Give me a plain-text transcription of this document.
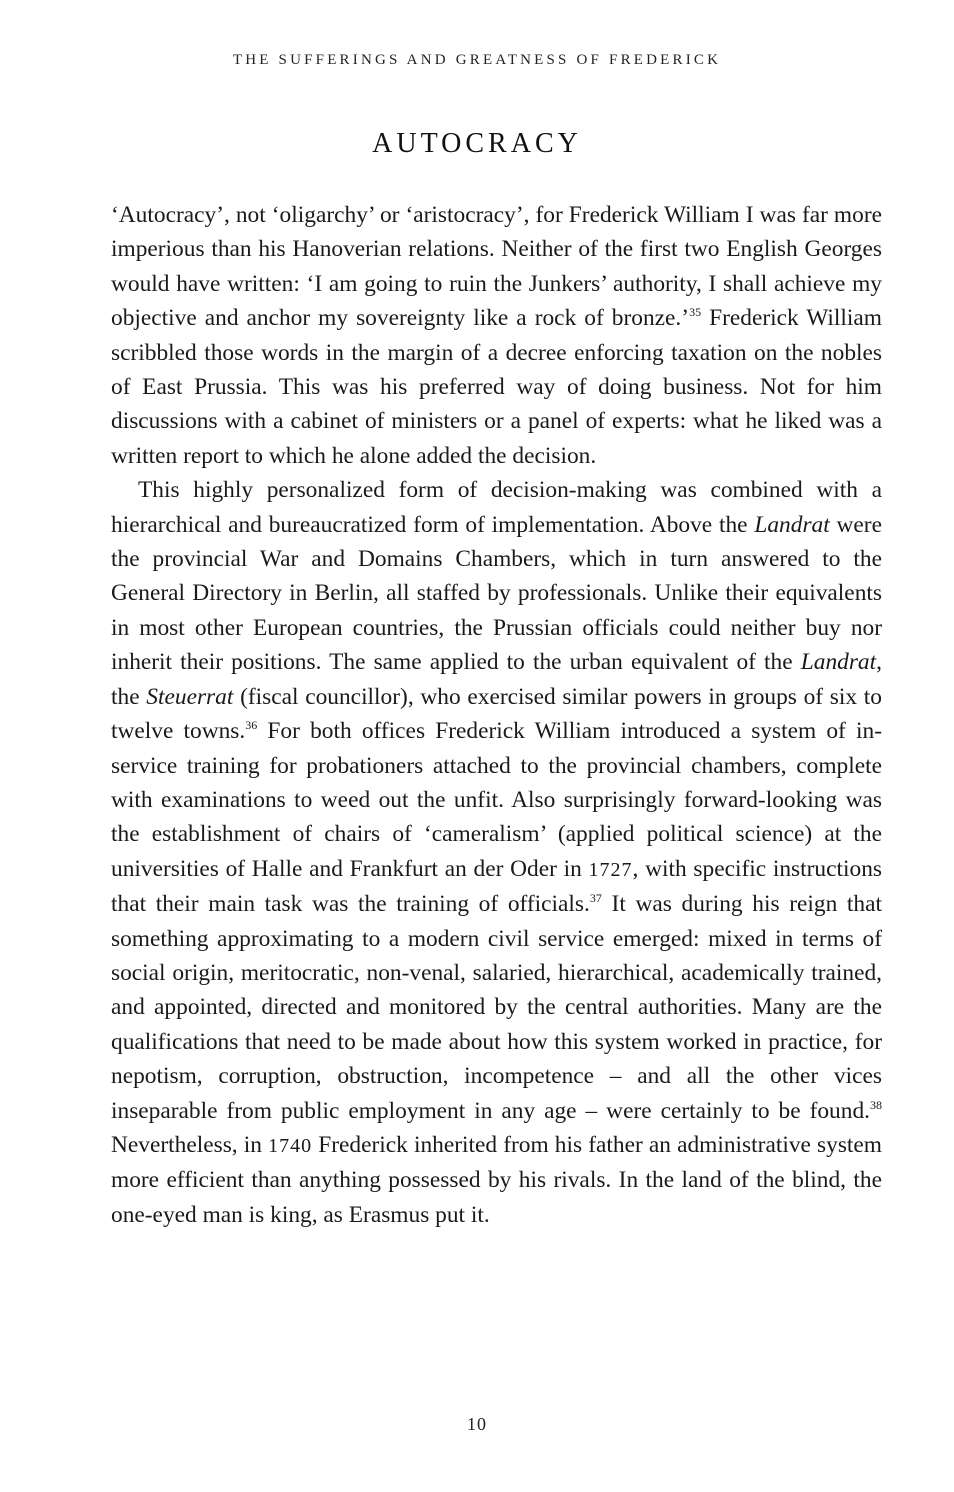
THE SUFFERINGS AND GREATNESS OF FREDERICK
AUTOCRACY

‘Autocracy’, not ‘oligarchy’ or ‘aristocracy’, for Frederick William I was far more imperious than his Hanoverian relations. Neither of the first two English Georges would have written: ‘I am going to ruin the Junkers’ authority, I shall achieve my objective and anchor my sovereignty like a rock of bronze.’$^{35}$ Frederick William scribbled those words in the margin of a decree enforcing taxation on the nobles of East Prussia. This was his preferred way of doing business. Not for him discussions with a cabinet of ministers or a panel of experts: what he liked was a written report to which he alone added the decision.

This highly personalized form of decision-making was combined with a hierarchical and bureaucratized form of implementation. Above the Landrat were the provincial War and Domains Chambers, which in turn answered to the General Directory in Berlin, all staffed by professionals. Unlike their equivalents in most other European countries, the Prussian officials could neither buy nor inherit their positions. The same applied to the urban equivalent of the Landrat, the Steuerrat (fiscal councillor), who exercised similar powers in groups of six to twelve towns.$^{36}$ For both offices Frederick William introduced a system of in-service training for probationers attached to the provincial chambers, complete with examinations to weed out the unfit. Also surprisingly forward-looking was the establishment of chairs of ‘cameralism’ (applied political science) at the universities of Halle and Frankfurt an der Oder in 1727, with specific instructions that their main task was the training of officials.$^{37}$ It was during his reign that something approximating to a modern civil service emerged: mixed in terms of social origin, meritocratic, non-venal, salaried, hierarchical, academically trained, and appointed, directed and monitored by the central authorities. Many are the qualifications that need to be made about how this system worked in practice, for nepotism, corruption, obstruction, incompetence – and all the other vices inseparable from public employment in any age – were certainly to be found.$^{38}$ Nevertheless, in 1740 Frederick inherited from his father an administrative system more efficient than anything possessed by his rivals. In the land of the blind, the one-eyed man is king, as Erasmus put it.

10
